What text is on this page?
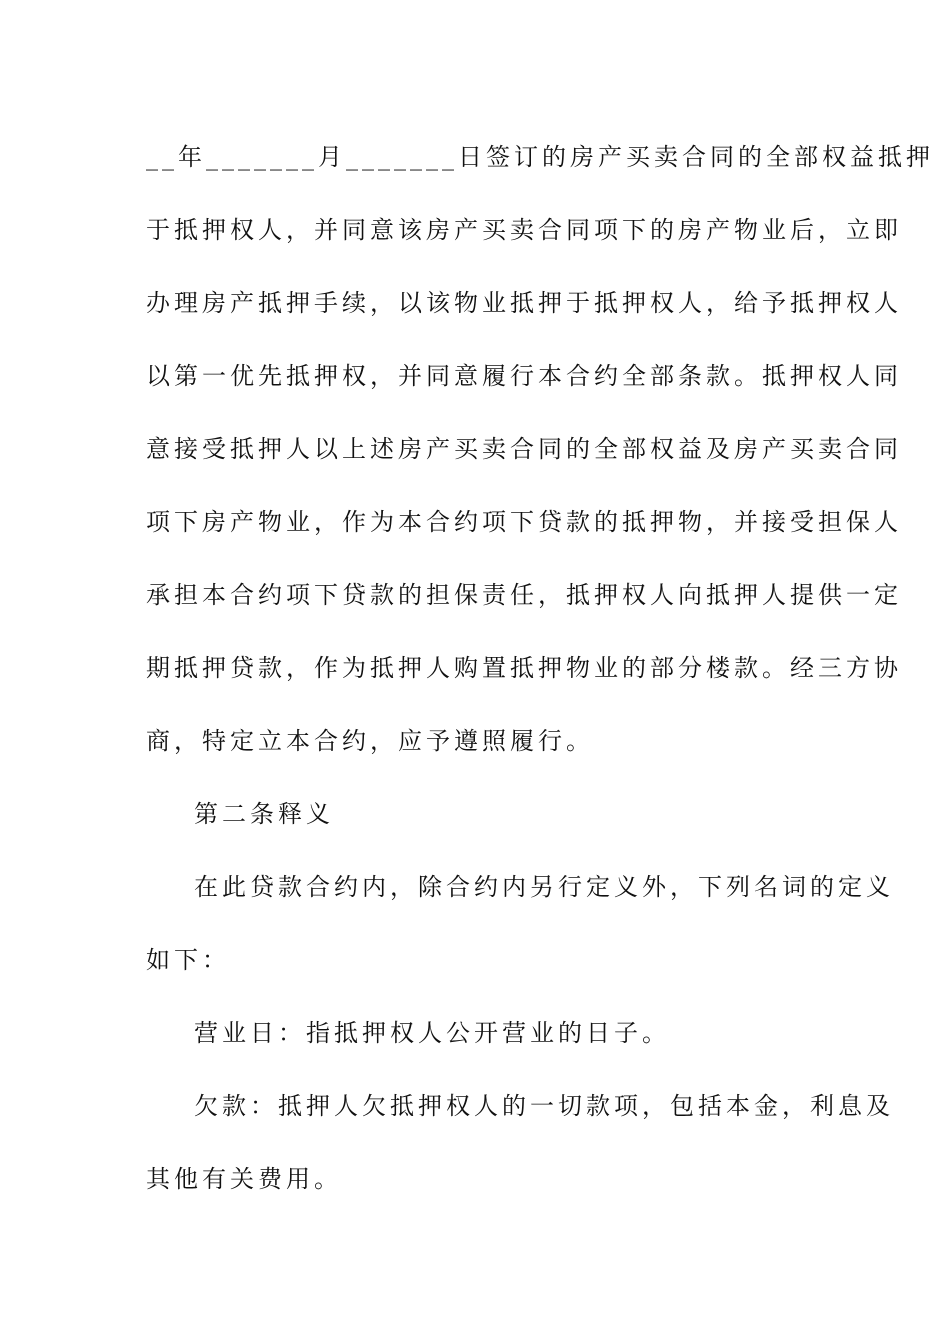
__年_______月_______日签订的房产买卖合同的全部权益抵押

于抵押权人，并同意该房产买卖合同项下的房产物业后，立即

办理房产抵押手续，以该物业抵押于抵押权人，给予抵押权人

以第一优先抵押权，并同意履行本合约全部条款。抵押权人同

意接受抵押人以上述房产买卖合同的全部权益及房产买卖合同

项下房产物业，作为本合约项下贷款的抵押物，并接受担保人

承担本合约项下贷款的担保责任，抵押权人向抵押人提供一定

期抵押贷款，作为抵押人购置抵押物业的部分楼款。经三方协

商，特定立本合约，应予遵照履行。

第二条释义

在此贷款合约内，除合约内另行定义外，下列名词的定义

如下：

营业日：指抵押权人公开营业的日子。

欠款：抵押人欠抵押权人的一切款项，包括本金，利息及

其他有关费用。
